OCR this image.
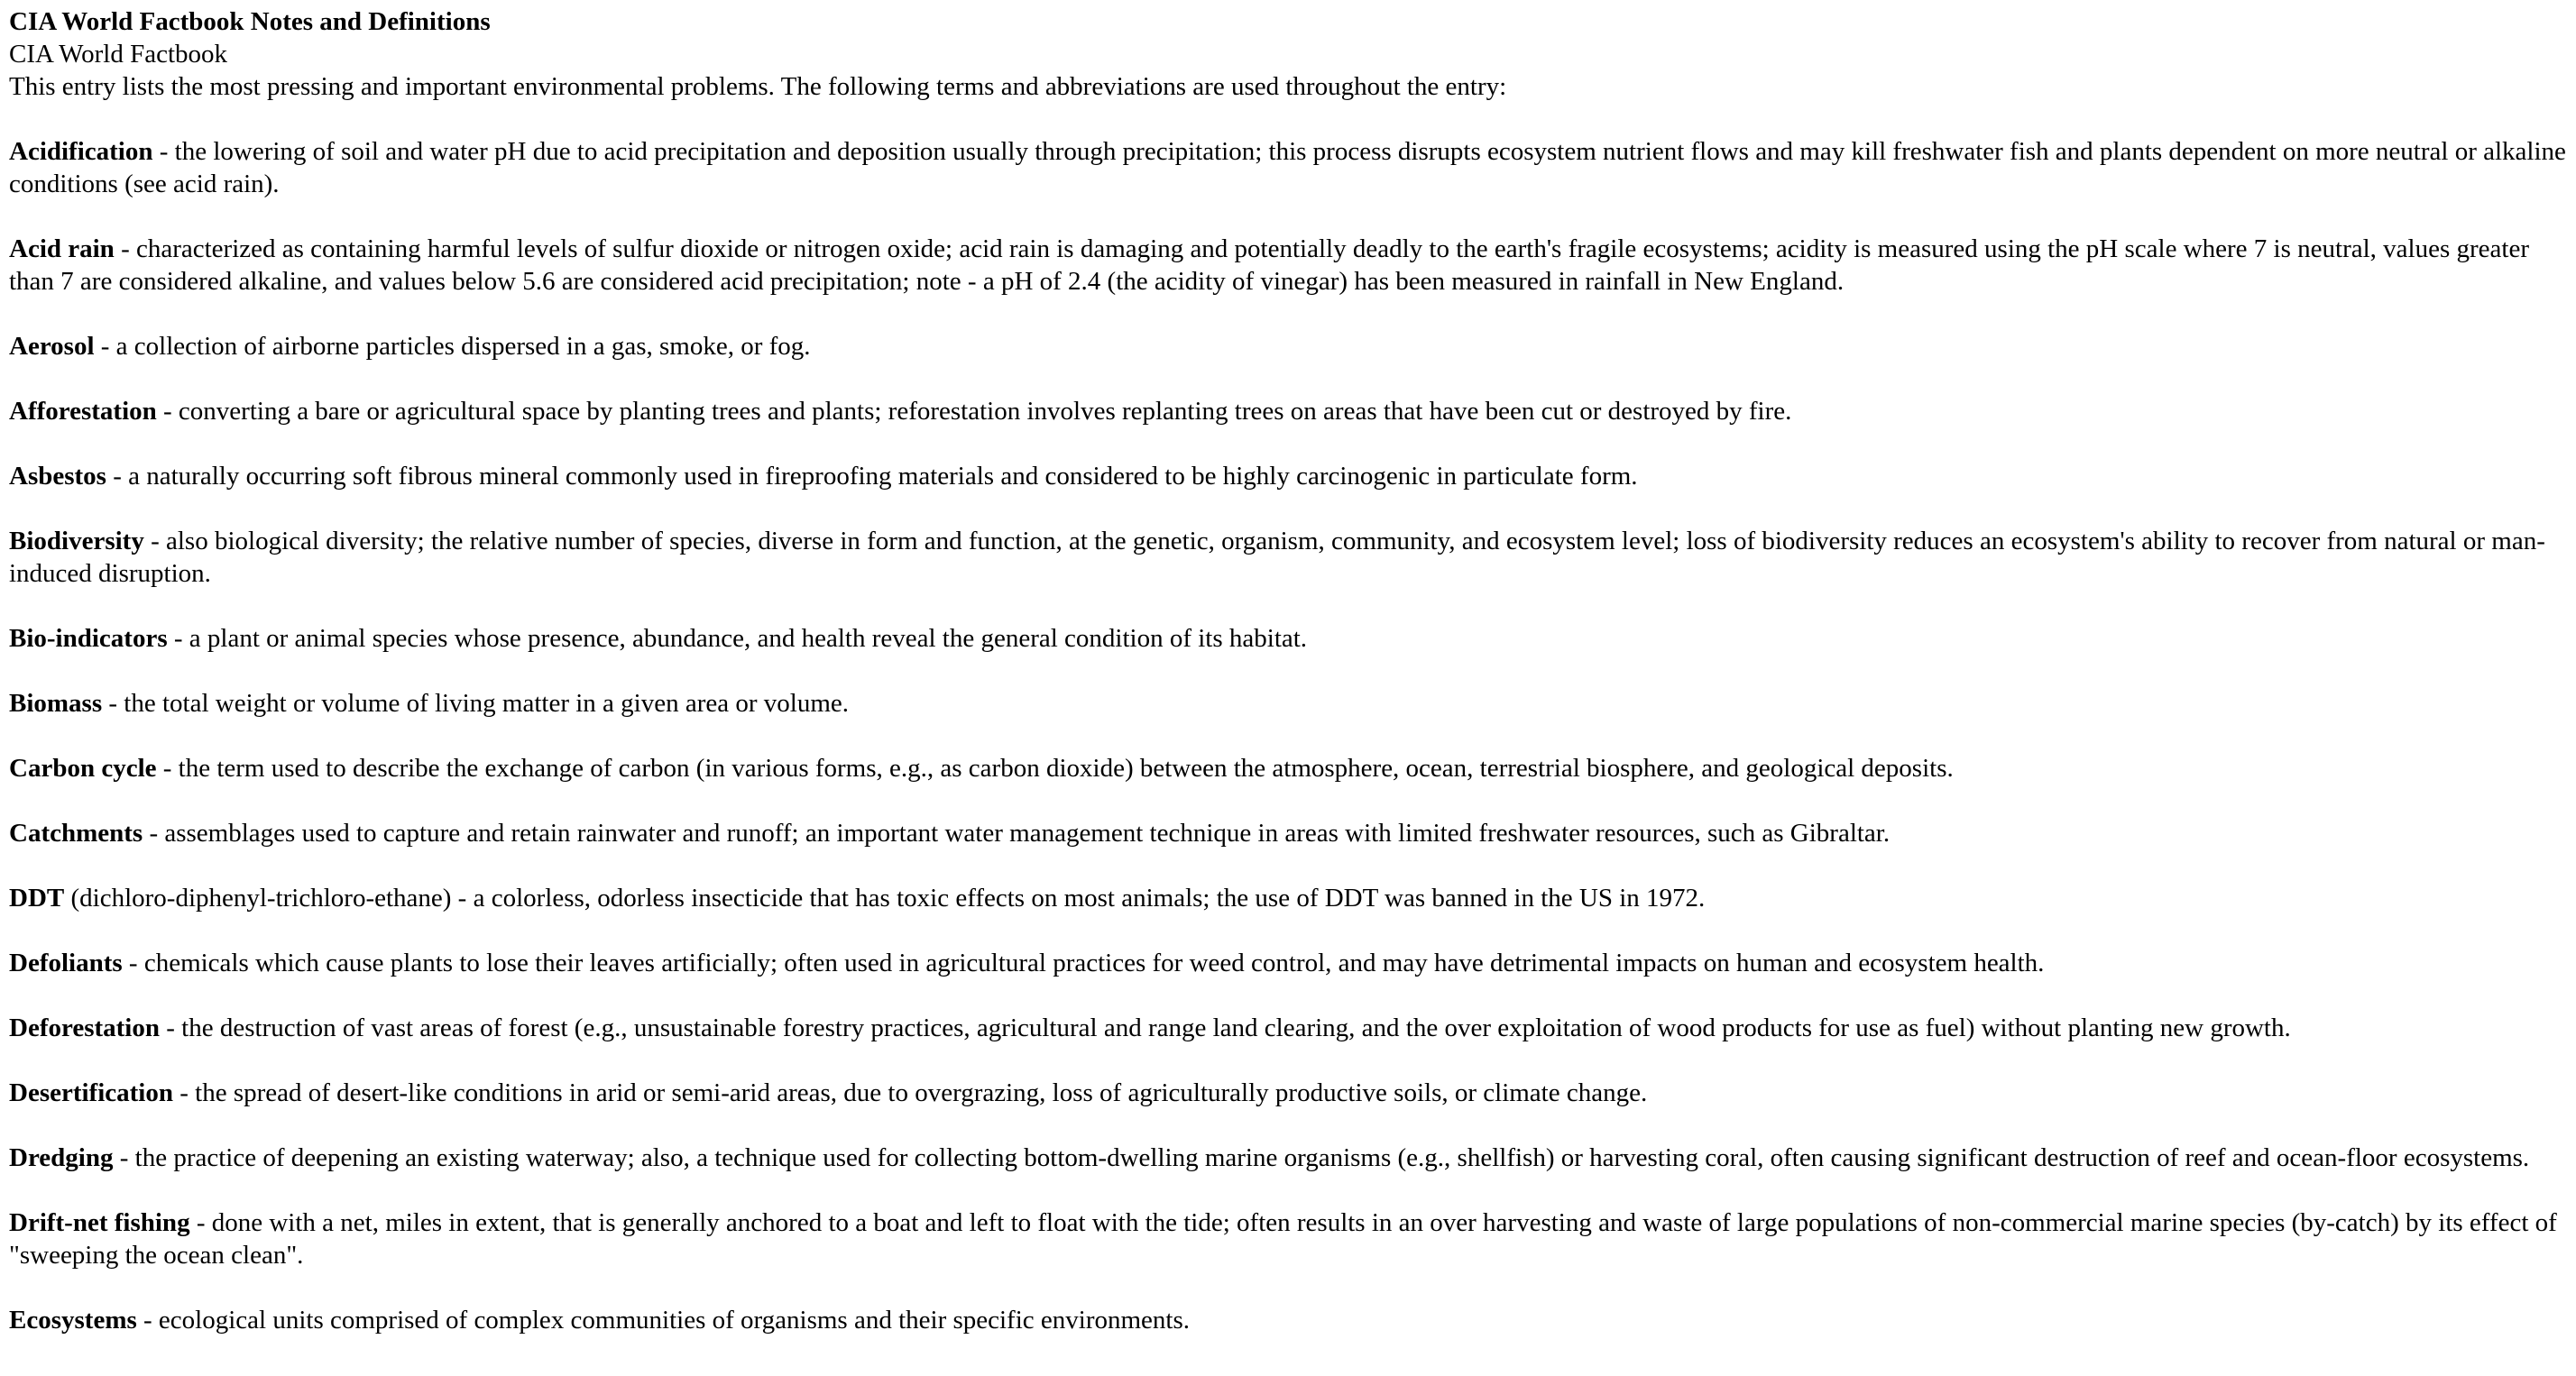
CIA World Factbook Notes and Definitions
CIA World Factbook
This entry lists the most pressing and important environmental problems. The following terms and abbreviations are used throughout the entry:
Acidification - the lowering of soil and water pH due to acid precipitation and deposition usually through precipitation; this process disrupts ecosystem nutrient flows and may kill freshwater fish and plants dependent on more neutral or alkaline conditions (see acid rain).
Acid rain - characterized as containing harmful levels of sulfur dioxide or nitrogen oxide; acid rain is damaging and potentially deadly to the earth's fragile ecosystems; acidity is measured using the pH scale where 7 is neutral, values greater than 7 are considered alkaline, and values below 5.6 are considered acid precipitation; note - a pH of 2.4 (the acidity of vinegar) has been measured in rainfall in New England.
Aerosol - a collection of airborne particles dispersed in a gas, smoke, or fog.
Afforestation - converting a bare or agricultural space by planting trees and plants; reforestation involves replanting trees on areas that have been cut or destroyed by fire.
Asbestos - a naturally occurring soft fibrous mineral commonly used in fireproofing materials and considered to be highly carcinogenic in particulate form.
Biodiversity - also biological diversity; the relative number of species, diverse in form and function, at the genetic, organism, community, and ecosystem level; loss of biodiversity reduces an ecosystem's ability to recover from natural or man-induced disruption.
Bio-indicators - a plant or animal species whose presence, abundance, and health reveal the general condition of its habitat.
Biomass - the total weight or volume of living matter in a given area or volume.
Carbon cycle - the term used to describe the exchange of carbon (in various forms, e.g., as carbon dioxide) between the atmosphere, ocean, terrestrial biosphere, and geological deposits.
Catchments - assemblages used to capture and retain rainwater and runoff; an important water management technique in areas with limited freshwater resources, such as Gibraltar.
DDT (dichloro-diphenyl-trichloro-ethane) - a colorless, odorless insecticide that has toxic effects on most animals; the use of DDT was banned in the US in 1972.
Defoliants - chemicals which cause plants to lose their leaves artificially; often used in agricultural practices for weed control, and may have detrimental impacts on human and ecosystem health.
Deforestation - the destruction of vast areas of forest (e.g., unsustainable forestry practices, agricultural and range land clearing, and the over exploitation of wood products for use as fuel) without planting new growth.
Desertification - the spread of desert-like conditions in arid or semi-arid areas, due to overgrazing, loss of agriculturally productive soils, or climate change.
Dredging - the practice of deepening an existing waterway; also, a technique used for collecting bottom-dwelling marine organisms (e.g., shellfish) or harvesting coral, often causing significant destruction of reef and ocean-floor ecosystems.
Drift-net fishing - done with a net, miles in extent, that is generally anchored to a boat and left to float with the tide; often results in an over harvesting and waste of large populations of non-commercial marine species (by-catch) by its effect of "sweeping the ocean clean".
Ecosystems - ecological units comprised of complex communities of organisms and their specific environments.
